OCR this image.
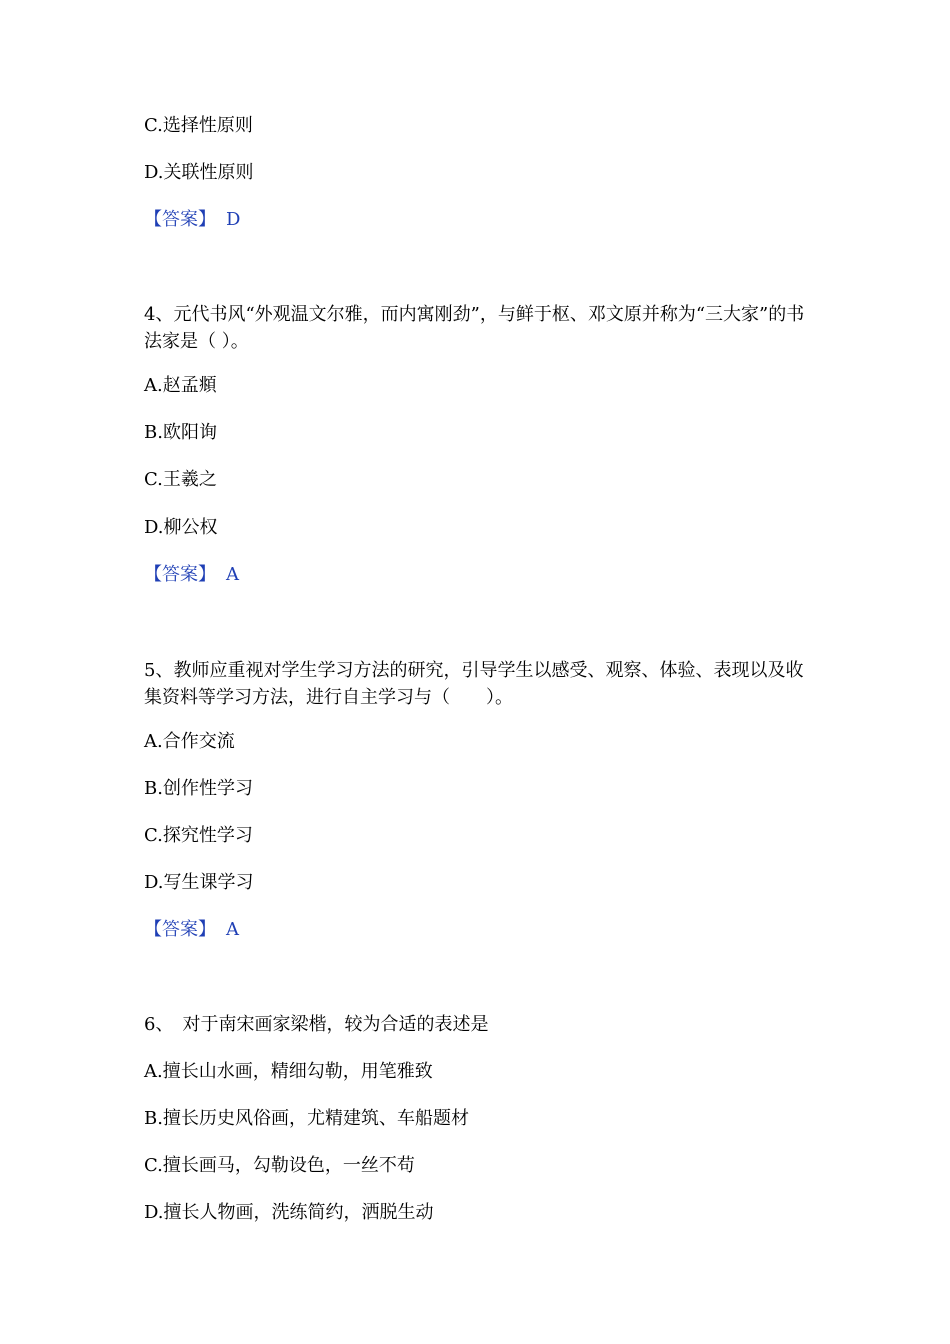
C.选择性原则
D.关联性原则
【答案】 D
4、元代书风“外观温文尔雅，而内寓刚劲”，与鲜于枢、邓文原并称为“三大家”的书法家是（ ）。
A.赵孟頫
B.欧阳询
C.王羲之
D.柳公权
【答案】 A
5、教师应重视对学生学习方法的研究，引导学生以感受、观察、体验、表现以及收集资料等学习方法，进行自主学习与（　　）。
A.合作交流
B.创作性学习
C.探究性学习
D.写生课学习
【答案】 A
6、　对于南宋画家梁楷，较为合适的表述是
A.擅长山水画，精细勾勒，用笔雅致
B.擅长历史风俗画，尤精建筑、车船题材
C.擅长画马，勾勒设色，一丝不苟
D.擅长人物画，洗练简约，洒脱生动
